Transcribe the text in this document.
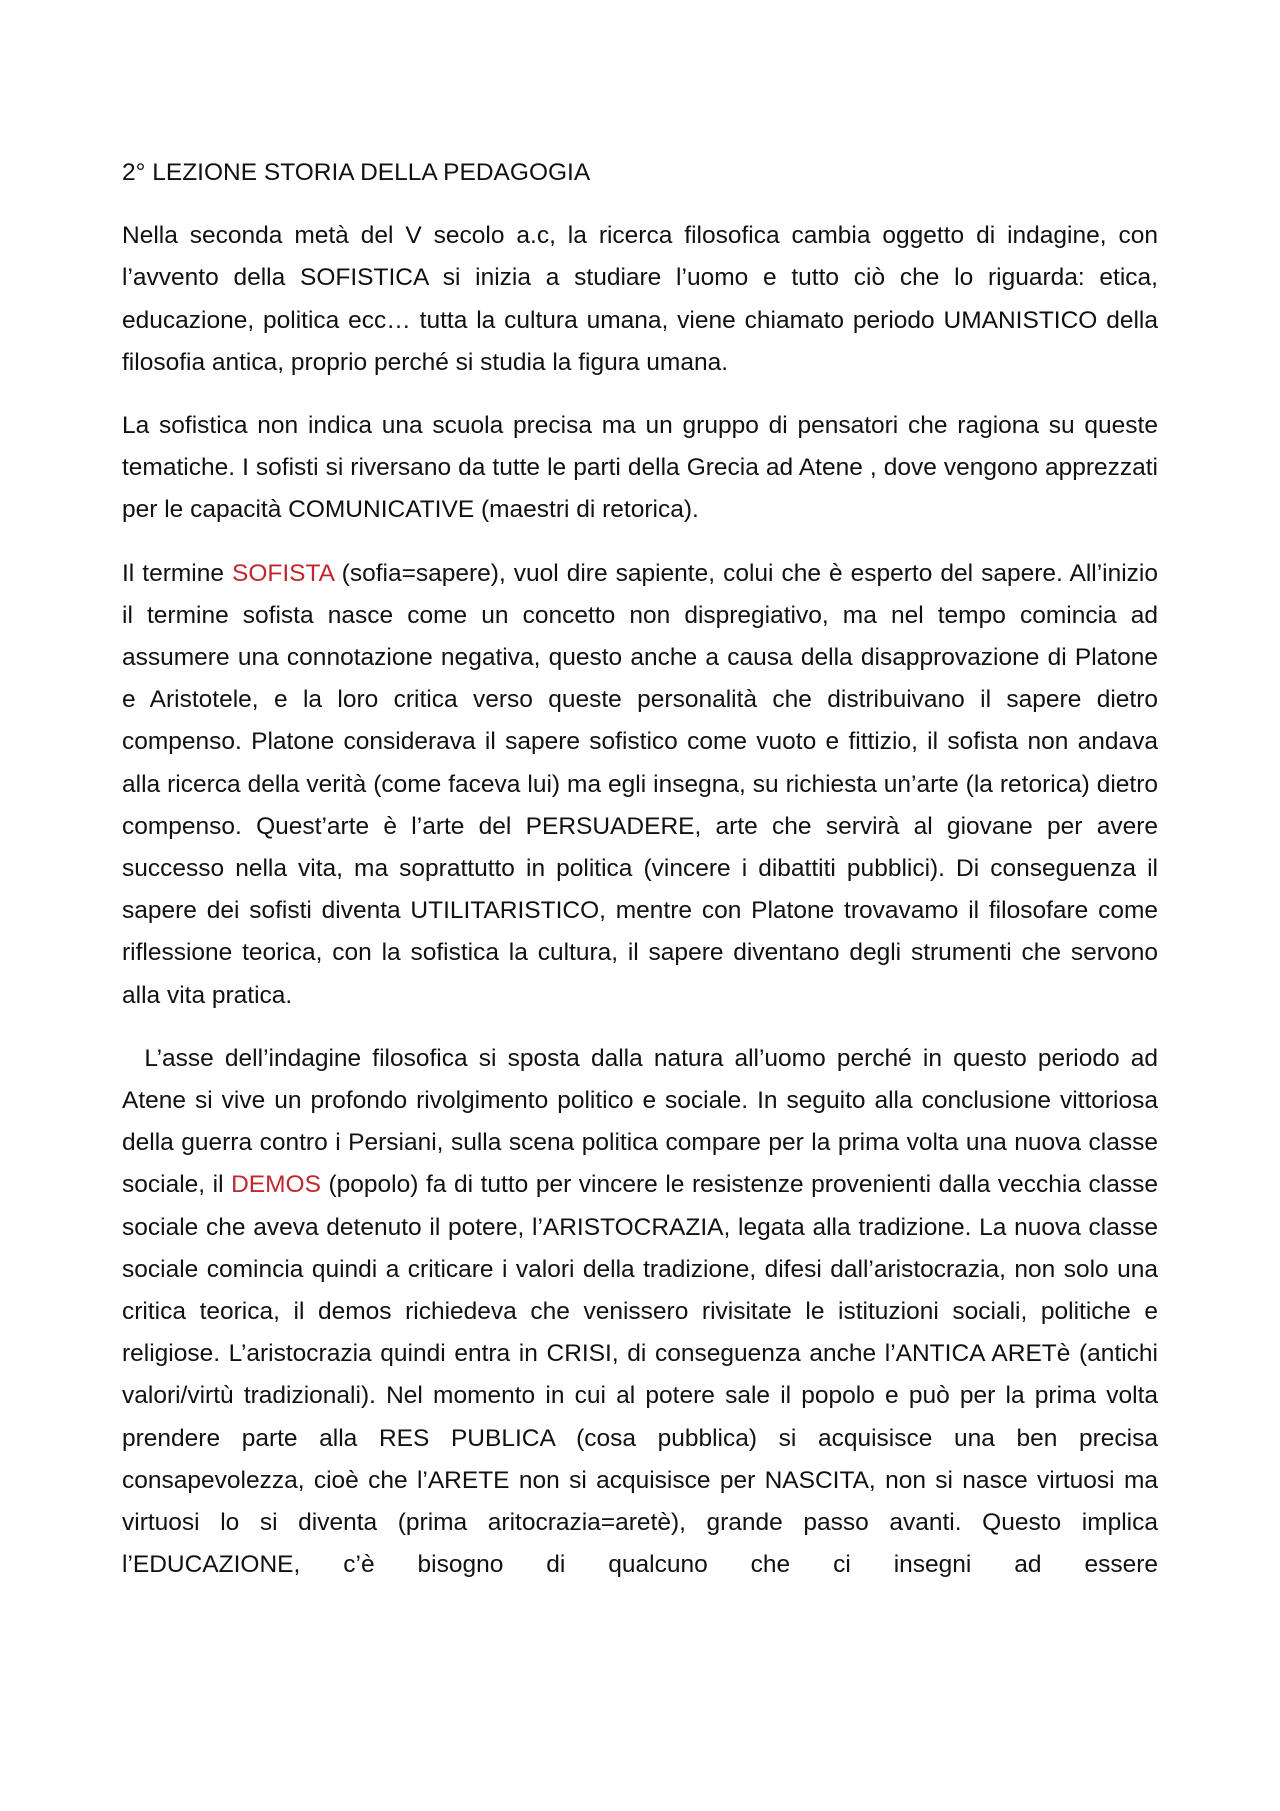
2° LEZIONE STORIA DELLA PEDAGOGIA

Nella seconda metà del V secolo a.c, la ricerca filosofica cambia oggetto di indagine, con l’avvento della SOFISTICA si inizia a studiare l’uomo e tutto ciò che lo riguarda: etica, educazione, politica ecc… tutta la cultura umana, viene chiamato periodo UMANISTICO della filosofia antica, proprio perché si studia la figura umana.

La sofistica non indica una scuola precisa ma un gruppo di pensatori che ragiona su queste tematiche. I sofisti si riversano da tutte le parti della Grecia ad Atene , dove vengono apprezzati per le capacità COMUNICATIVE (maestri di retorica).

Il termine SOFISTA (sofia=sapere), vuol dire sapiente, colui che è esperto del sapere. All’inizio il termine sofista nasce come un concetto non dispregiativo, ma nel tempo comincia ad assumere una connotazione negativa, questo anche a causa della disapprovazione di Platone e Aristotele, e la loro critica verso queste personalità che distribuivano il sapere dietro compenso. Platone considerava il sapere sofistico come vuoto e fittizio, il sofista non andava alla ricerca della verità (come faceva lui) ma egli insegna, su richiesta un’arte (la retorica) dietro compenso. Quest’arte è l’arte del PERSUADERE, arte che servirà al giovane per avere successo nella vita, ma soprattutto in politica (vincere i dibattiti pubblici). Di conseguenza il sapere dei sofisti diventa UTILITARISTICO, mentre con Platone trovavamo il filosofare come riflessione teorica, con la sofistica la cultura, il sapere diventano degli strumenti che servono alla vita pratica.

L’asse dell’indagine filosofica si sposta dalla natura all’uomo perché in questo periodo ad Atene si vive un profondo rivolgimento politico e sociale. In seguito alla conclusione vittoriosa della guerra contro i Persiani, sulla scena politica compare per la prima volta una nuova classe sociale, il DEMOS (popolo) fa di tutto per vincere le resistenze provenienti dalla vecchia classe sociale che aveva detenuto il potere, l’ARISTOCRAZIA, legata alla tradizione. La nuova classe sociale comincia quindi a criticare i valori della tradizione, difesi dall’aristocrazia, non solo una critica teorica, il demos richiedeva che venissero rivisitate le istituzioni sociali, politiche e religiose. L’aristocrazia quindi entra in CRISI, di conseguenza anche l’ANTICA ARETè (antichi valori/virtù tradizionali). Nel momento in cui al potere sale il popolo e può per la prima volta prendere parte alla RES PUBLICA (cosa pubblica) si acquisisce una ben precisa consapevolezza, cioè che l’ARETE non si acquisisce per NASCITA, non si nasce virtuosi ma virtuosi lo si diventa (prima aritocrazia=aretè), grande passo avanti. Questo implica l’EDUCAZIONE, c’è bisogno di qualcuno che ci insegni ad essere
